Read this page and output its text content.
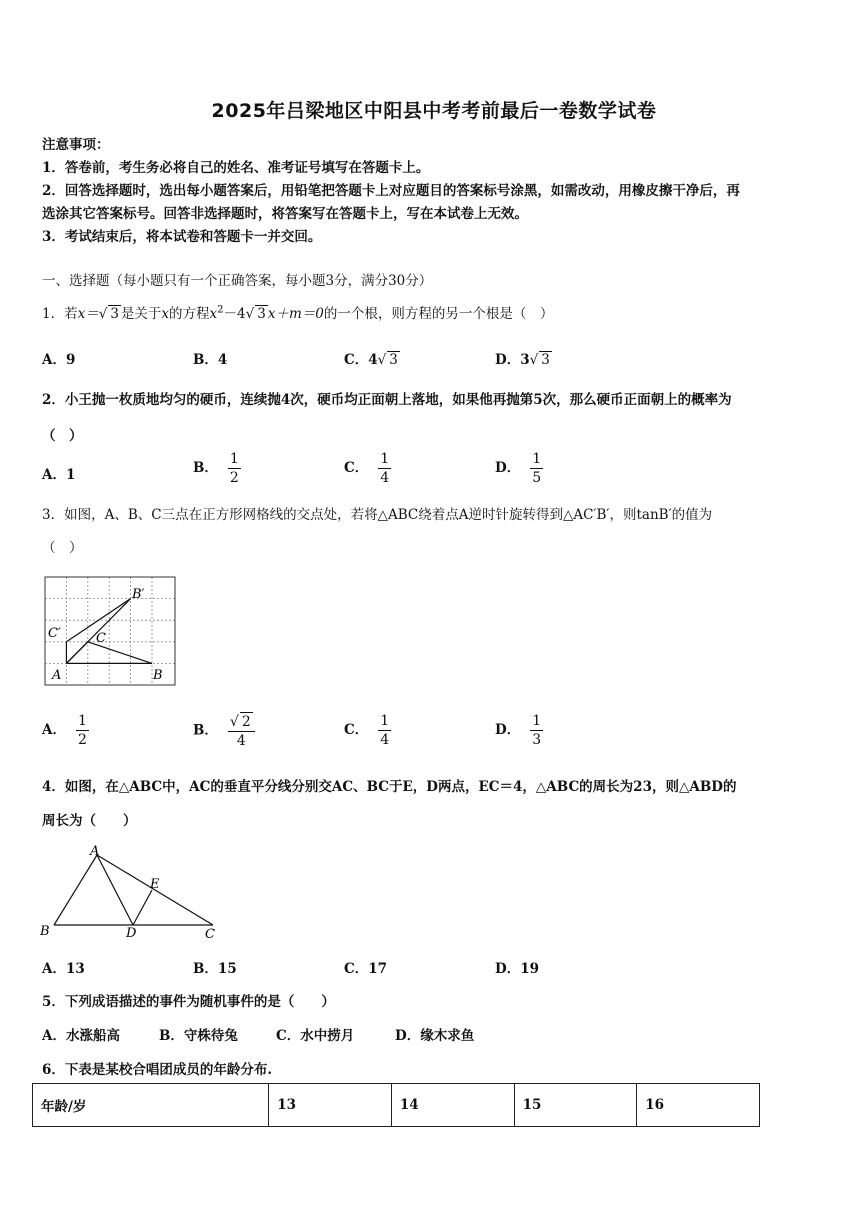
2025年吕梁地区中阳县中考考前最后一卷数学试卷
注意事项：
1．答卷前，考生务必将自己的姓名、准考证号填写在答题卡上。
2．回答选择题时，选出每小题答案后，用铅笔把答题卡上对应题目的答案标号涂黑，如需改动，用橡皮擦干净后，再
选涂其它答案标号。回答非选择题时，将答案写在答题卡上，写在本试卷上无效。
3．考试结束后，将本试卷和答题卡一并交回。
一、选择题（每小题只有一个正确答案，每小题3分，满分30分）
1．若x＝√ 3 是关于x的方程$x^2-4√$ 3 x＋m＝0的一个根，则方程的另一个根是（　）
A．9	B．4	C．4√ 3	D．3√ 3
2．小王抛一枚质地均匀的硬币，连续抛4次，硬币均正面朝上落地，如果他再抛第5次，那么硬币正面朝上的概率为
（　）
A．1	B． $\frac{1}{2}$	C． $\frac{1}{4}$	D． $\frac{1}{5}$
3．如图，A、B、C三点在正方形网格线的交点处，若将△ABC绕着点A逆时针旋转得到△AC′B′，则tanB′的值为
（　）
A	B
C
B′
C′
A． $\frac{1}{2}$	B． $\frac{√ 2}{4}$	C． $\frac{1}{4}$	D． $\frac{1}{3}$
4．如图，在△ABC中，AC的垂直平分线分别交AC、BC于E，D两点，EC＝4，△ABC的周长为23，则△ABD的
周长为（　　）
A
B	C
D
E
A．13	B．15	C．17	D．19
5．下列成语描述的事件为随机事件的是（　　）
A．水涨船高	B．守株待兔	C．水中捞月	D．缘木求鱼
6．下表是某校合唱团成员的年龄分布.
年龄/岁	13	14	15	16
